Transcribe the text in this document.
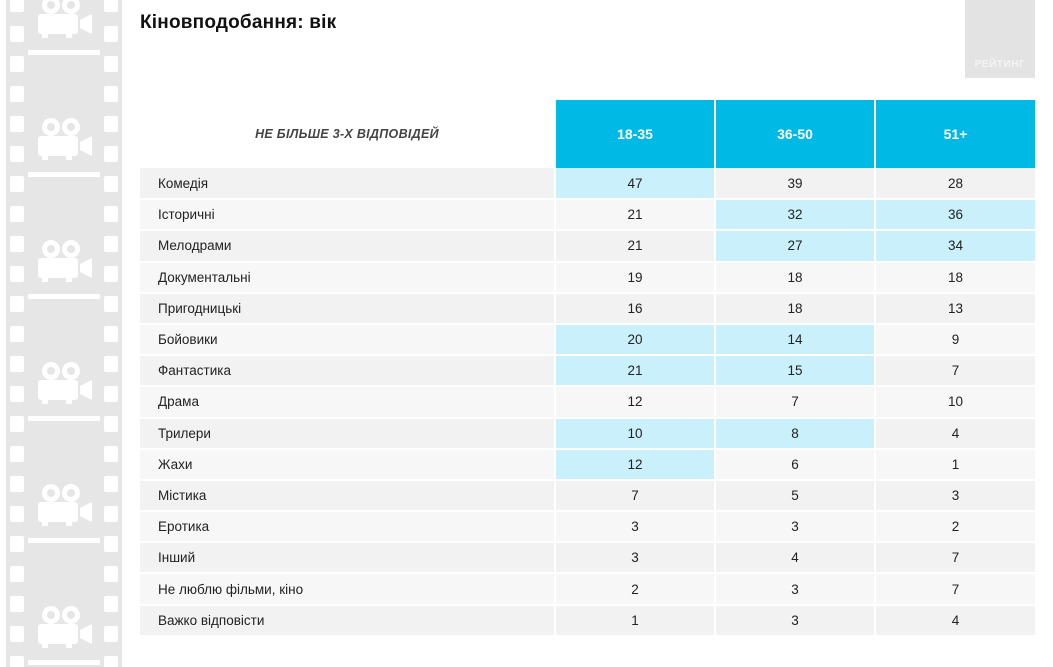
Кіновподобання: вік
РЕЙТИНГ
НЕ БІЛЬШЕ 3-Х ВІДПОВІДЕЙ	18-35	36-50	51+
Комедія	47	39	28
Історичні	21	32	36
Мелодрами	21	27	34
Документальні	19	18	18
Пригодницькі	16	18	13
Бойовики	20	14	9
Фантастика	21	15	7
Драма	12	7	10
Трилери	10	8	4
Жахи	12	6	1
Містика	7	5	3
Еротика	3	3	2
Інший	3	4	7
Не люблю фільми, кіно	2	3	7
Важко відповісти	1	3	4
